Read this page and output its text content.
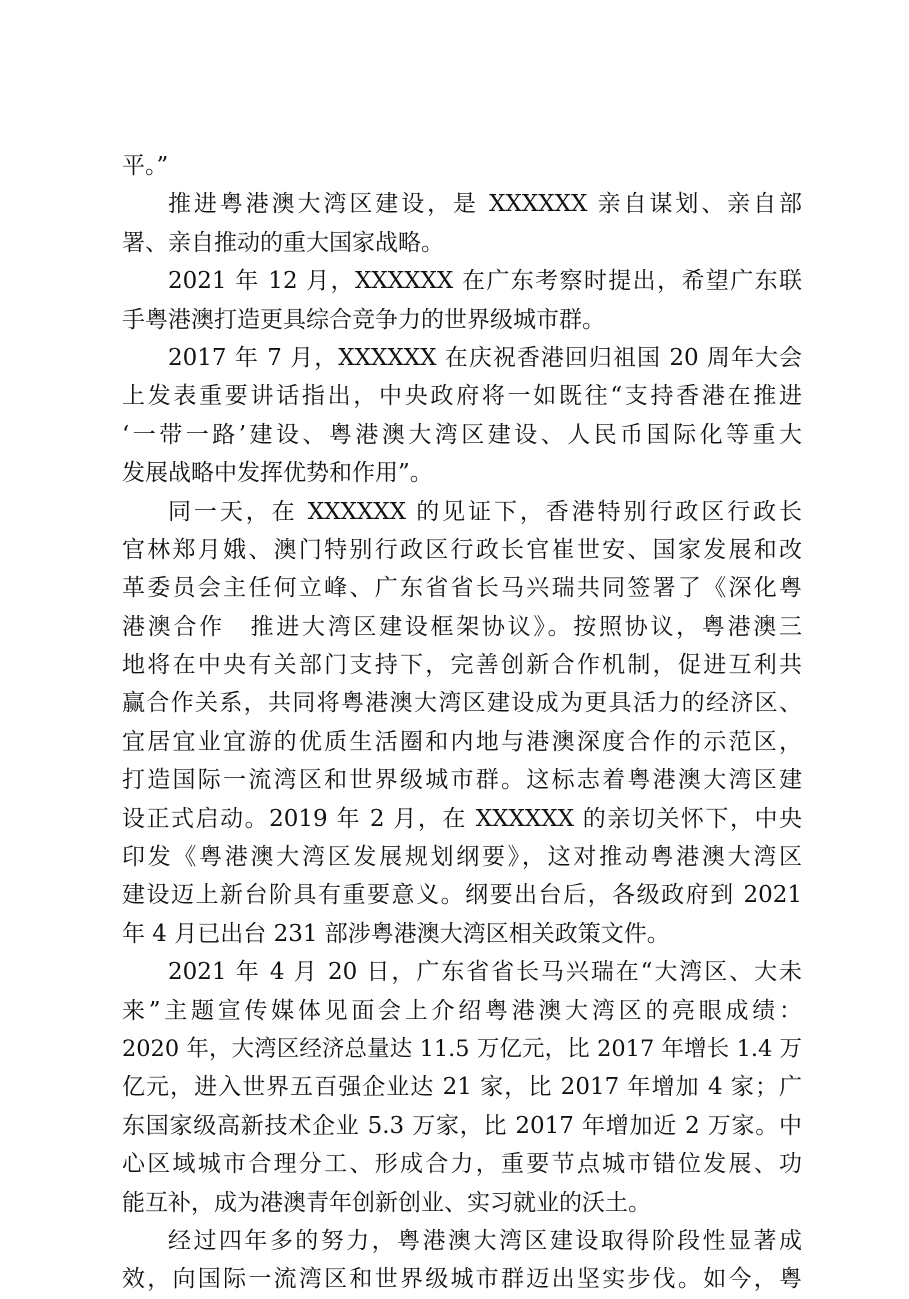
平。”
推进粤港澳大湾区建设，是 XXXXXX 亲自谋划、亲自部
署、亲自推动的重大国家战略。
2021 年 12 月，XXXXXX 在广东考察时提出，希望广东联
手粤港澳打造更具综合竞争力的世界级城市群。
2017 年 7 月，XXXXXX 在庆祝香港回归祖国 20 周年大会
上发表重要讲话指出，中央政府将一如既往“支持香港在推进
‘一带一路’建设、粤港澳大湾区建设、人民币国际化等重大
发展战略中发挥优势和作用”。
同一天，在 XXXXXX 的见证下，香港特别行政区行政长
官林郑月娥、澳门特别行政区行政长官崔世安、国家发展和改
革委员会主任何立峰、广东省省长马兴瑞共同签署了《深化粤
港澳合作　推进大湾区建设框架协议》。按照协议，粤港澳三
地将在中央有关部门支持下，完善创新合作机制，促进互利共
赢合作关系，共同将粤港澳大湾区建设成为更具活力的经济区、
宜居宜业宜游的优质生活圈和内地与港澳深度合作的示范区，
打造国际一流湾区和世界级城市群。这标志着粤港澳大湾区建
设正式启动。2019 年 2 月，在 XXXXXX 的亲切关怀下，中央
印发《粤港澳大湾区发展规划纲要》，这对推动粤港澳大湾区
建设迈上新台阶具有重要意义。纲要出台后，各级政府到 2021
年 4 月已出台 231 部涉粤港澳大湾区相关政策文件。
2021 年 4 月 20 日，广东省省长马兴瑞在“大湾区、大未
来”主题宣传媒体见面会上介绍粤港澳大湾区的亮眼成绩：
2020 年，大湾区经济总量达 11.5 万亿元，比 2017 年增长 1.4 万
亿元，进入世界五百强企业达 21 家，比 2017 年增加 4 家；广
东国家级高新技术企业 5.3 万家，比 2017 年增加近 2 万家。中
心区域城市合理分工、形成合力，重要节点城市错位发展、功
能互补，成为港澳青年创新创业、实习就业的沃土。
经过四年多的努力，粤港澳大湾区建设取得阶段性显著成
效，向国际一流湾区和世界级城市群迈出坚实步伐。如今，粤
